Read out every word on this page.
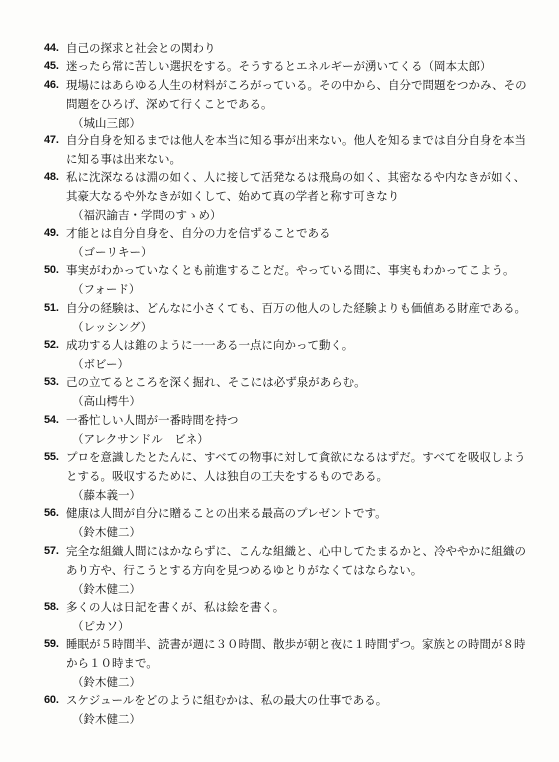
44. 自己の探求と社会との関わり
45. 迷ったら常に苦しい選択をする。そうするとエネルギーが湧いてくる（岡本太郎）
46. 現場にはあらゆる人生の材料がころがっている。その中から、自分で問題をつかみ、その
問題をひろげ、深めて行くことである。
（城山三郎）
47. 自分自身を知るまでは他人を本当に知る事が出来ない。他人を知るまでは自分自身を本当
に知る事は出来ない。
48. 私に沈深なるは淵の如く、人に接して活発なるは飛鳥の如く、其密なるや内なきが如く、
其豪大なるや外なきが如くして、始めて真の学者と称す可きなり
（福沢諭吉・学問のすゝめ）
49. 才能とは自分自身を、自分の力を信ずることである
（ゴーリキー）
50. 事実がわかっていなくとも前進することだ。やっている間に、事実もわかってこよう。
（フォード）
51. 自分の経験は、どんなに小さくても、百万の他人のした経験よりも価値ある財産である。
（レッシング）
52. 成功する人は錐のように一一ある一点に向かって動く。
（ボビー）
53. 己の立てるところを深く掘れ、そこには必ず泉があらむ。
（高山樗牛）
54. 一番忙しい人間が一番時間を持つ
（アレクサンドル　ビネ）
55. プロを意識したとたんに、すべての物事に対して貪欲になるはずだ。すべてを吸収しよう
とする。吸収するために、人は独自の工夫をするものである。
（藤本義一）
56. 健康は人間が自分に贈ることの出来る最高のプレゼントです。
（鈴木健二）
57. 完全な組織人間にはかならずに、こんな組織と、心中してたまるかと、冷ややかに組織の
あり方や、行こうとする方向を見つめるゆとりがなくてはならない。
（鈴木健二）
58. 多くの人は日記を書くが、私は絵を書く。
（ピカソ）
59. 睡眠が５時間半、読書が週に３０時間、散歩が朝と夜に１時間ずつ。家族との時間が８時
から１０時まで。
（鈴木健二）
60. スケジュールをどのように組むかは、私の最大の仕事である。
（鈴木健二）
